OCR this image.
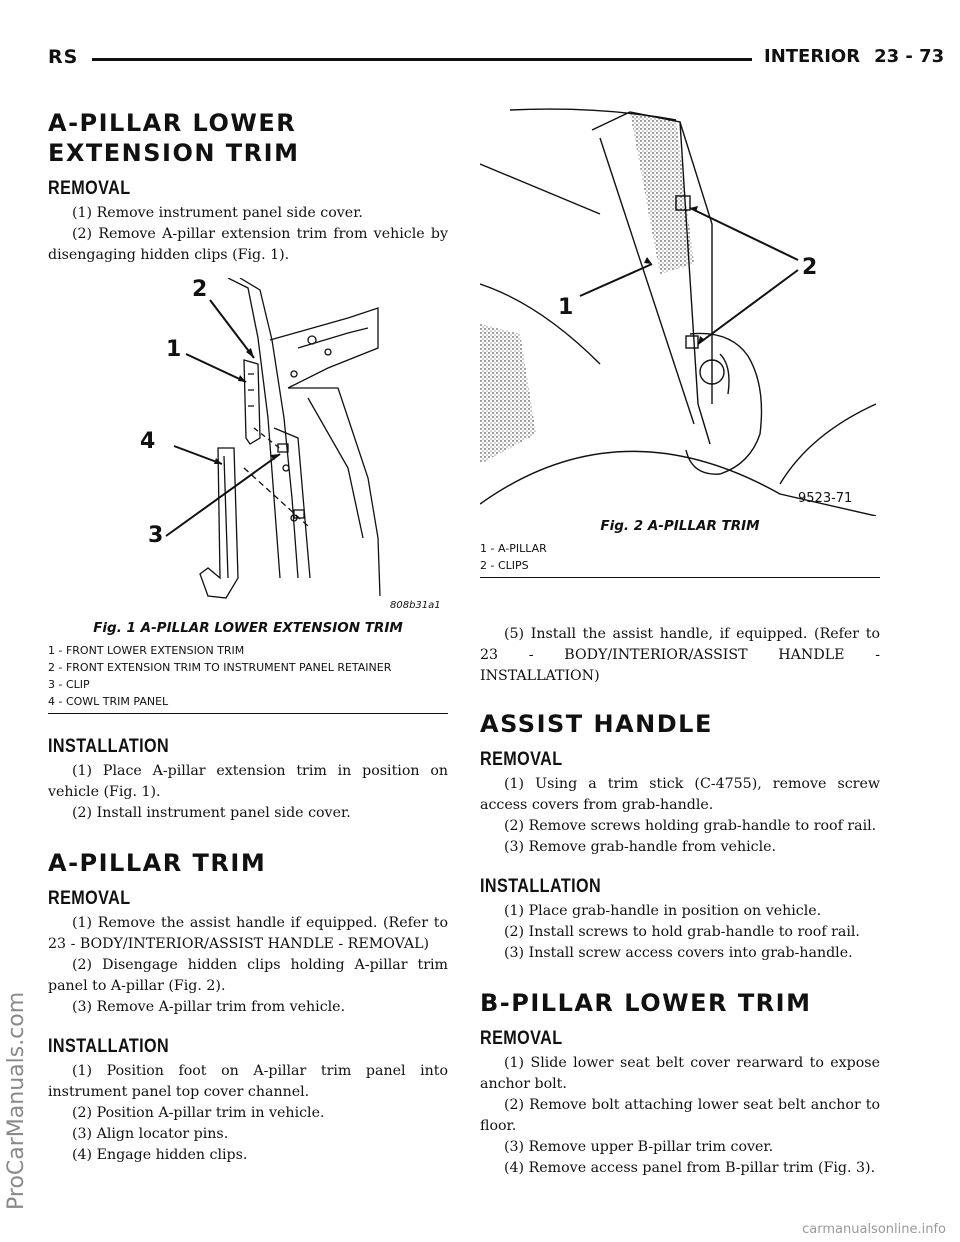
RS	INTERIOR 23 - 73
A-PILLAR LOWER EXTENSION TRIM
REMOVAL

(1) Remove instrument panel side cover.

(2) Remove A-pillar extension trim from vehicle by disengaging hidden clips (Fig. 1).

2
1
4
3
808b31a1
Fig. 1 A-PILLAR LOWER EXTENSION TRIM
1 - FRONT LOWER EXTENSION TRIM
2 - FRONT EXTENSION TRIM TO INSTRUMENT PANEL RETAINER
3 - CLIP
4 - COWL TRIM PANEL
INSTALLATION

(1) Place A-pillar extension trim in position on vehicle (Fig. 1).

(2) Install instrument panel side cover.

A-PILLAR TRIM
REMOVAL

(1) Remove the assist handle if equipped. (Refer to 23 - BODY/INTERIOR/ASSIST HANDLE - REMOVAL)

(2) Disengage hidden clips holding A-pillar trim panel to A-pillar (Fig. 2).

(3) Remove A-pillar trim from vehicle.

INSTALLATION

(1) Position foot on A-pillar trim panel into instrument panel top cover channel.

(2) Position A-pillar trim in vehicle.

(3) Align locator pins.

(4) Engage hidden clips.

1
2
9523-71
Fig. 2 A-PILLAR TRIM
1 - A-PILLAR
2 - CLIPS

(5) Install the assist handle, if equipped. (Refer to 23 - BODY/INTERIOR/ASSIST HANDLE - INSTALLATION)

ASSIST HANDLE
REMOVAL

(1) Using a trim stick (C-4755), remove screw access covers from grab-handle.

(2) Remove screws holding grab-handle to roof rail.

(3) Remove grab-handle from vehicle.

INSTALLATION

(1) Place grab-handle in position on vehicle.

(2) Install screws to hold grab-handle to roof rail.

(3) Install screw access covers into grab-handle.

B-PILLAR LOWER TRIM
REMOVAL

(1) Slide lower seat belt cover rearward to expose anchor bolt.

(2) Remove bolt attaching lower seat belt anchor to floor.

(3) Remove upper B-pillar trim cover.

(4) Remove access panel from B-pillar trim (Fig. 3).

ProCarManuals.com
carmanualsonline.info
